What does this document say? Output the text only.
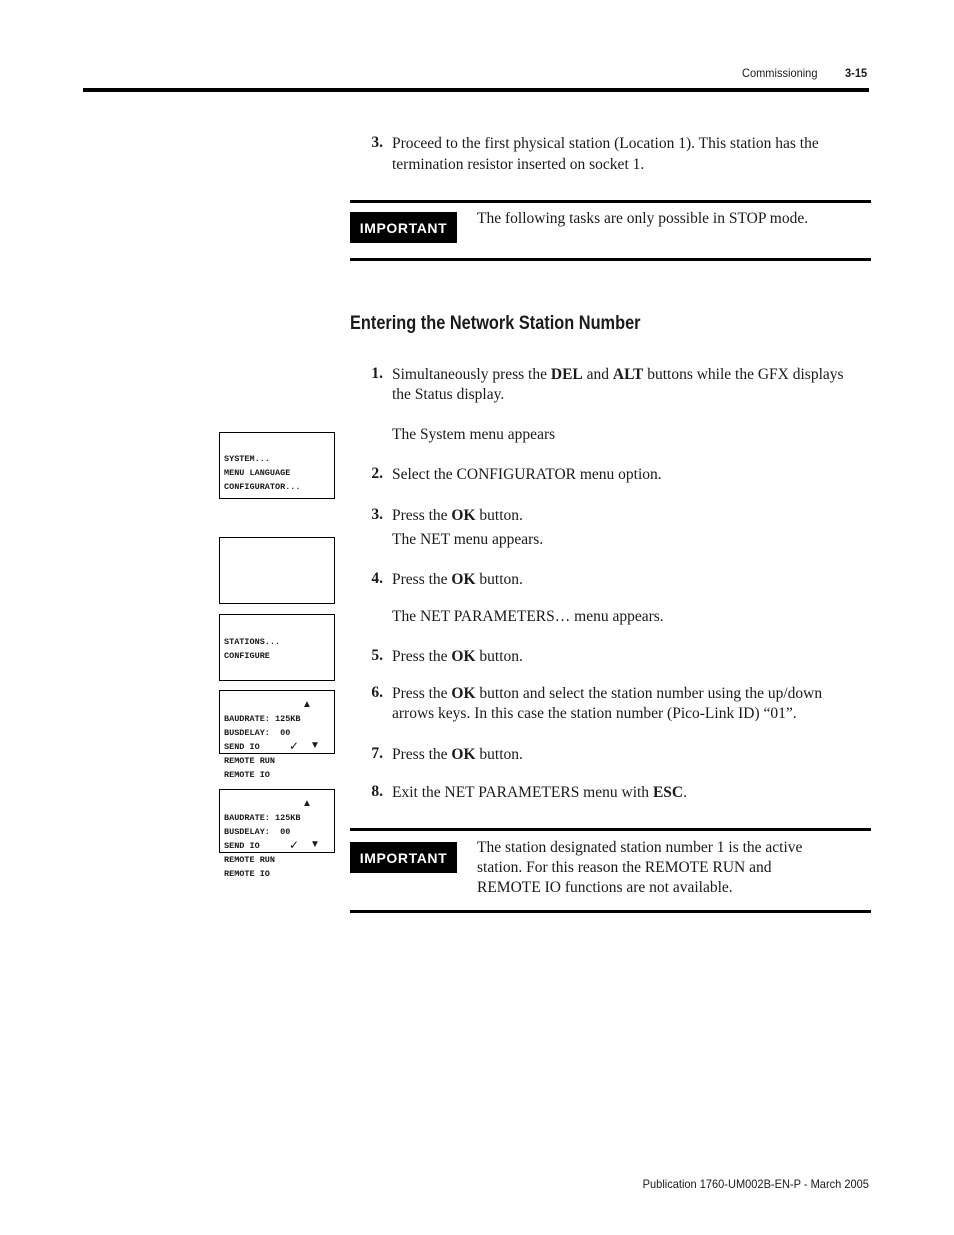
Commissioning 3-15
3. Proceed to the first physical station (Location 1). This station has the
termination resistor inserted on socket 1.
IMPORTANT
The following tasks are only possible in STOP mode.
Entering the Network Station Number
1. Simultaneously press the DEL and ALT buttons while the GFX displays
the Status display.
The System menu appears
2. Select the CONFIGURATOR menu option.
3. Press the OK button.
The NET menu appears.
4. Press the OK button.
The NET PARAMETERS… menu appears.
5. Press the OK button.
6. Press the OK button and select the station number using the up/down
arrows keys. In this case the station number (Pico-Link ID) “01”.
7. Press the OK button.
8. Exit the NET PARAMETERS menu with ESC.
IMPORTANT
The station designated station number 1 is the active
station. For this reason the REMOTE RUN and
REMOTE IO functions are not available.
SYSTEM...
MENU LANGUAGE
CONFIGURATOR...
STATIONS...
CONFIGURE
▲
BAUDRATE: 125KB
BUSDELAY:  00
SEND IO ✓ ▼
REMOTE RUN
REMOTE IO
▲
BAUDRATE: 125KB
BUSDELAY:  00
SEND IO ✓ ▼
REMOTE RUN
REMOTE IO
Publication 1760-UM002B-EN-P - March 2005
